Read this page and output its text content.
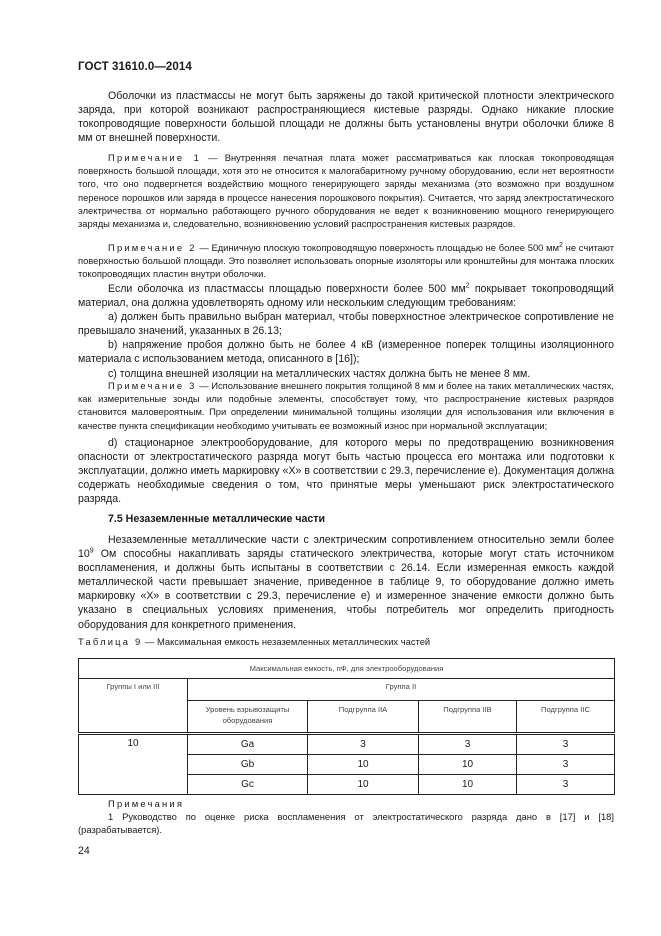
ГОСТ 31610.0—2014

Оболочки из пластмассы не могут быть заряжены до такой критической плотности электрического заряда, при которой возникают распространяющиеся кистевые разряды. Однако никакие плоские токопроводящие поверхности большой площади не должны быть установлены внутри оболочки ближе 8 мм от внешней поверхности.

Примечание 1 — Внутренняя печатная плата может рассматриваться как плоская токопроводящая поверхность большой площади, хотя это не относится к малогабаритному ручному оборудованию, если нет вероятности того, что оно подвергнется воздействию мощного генерирующего заряды механизма (это возможно при воздушном переносе порошков или заряда в процессе нанесения порошкового покрытия). Считается, что заряд электростатического электричества от нормально работающего ручного оборудования не ведет к возникновению мощного генерирующего заряды механизма и, следовательно, возникновению условий распространения кистевых разрядов.

Примечание 2 — Единичную плоскую токопроводящую поверхность площадью не более 500 $мм^2$ не считают поверхностью большой площади. Это позволяет использовать опорные изоляторы или кронштейны для монтажа плоских токопроводящих пластин внутри оболочки.

Если оболочка из пластмассы площадью поверхности более 500 $мм^2$ покрывает токопроводящий материал, она должна удовлетворять одному или нескольким следующим требованиям:

а) должен быть правильно выбран материал, чтобы поверхностное электрическое сопротивление не превышало значений, указанных в 26.13;

b) напряжение пробоя должно быть не более 4 кВ (измеренное поперек толщины изоляционного материала с использованием метода, описанного в [16]);

с) толщина внешней изоляции на металлических частях должна быть не менее 8 мм.

Примечание 3 — Использование внешнего покрытия толщиной 8 мм и более на таких металлических частях, как измерительные зонды или подобные элементы, способствует тому, что распространение кистевых разрядов становится маловероятным. При определении минимальной толщины изоляции для использования или включения в качестве пункта спецификации необходимо учитывать ее возможный износ при нормальной эксплуатации;

d) стационарное электрооборудование, для которого меры по предотвращению возникновения опасности от электростатического разряда могут быть частью процесса его монтажа или подготовки к эксплуатации, должно иметь маркировку «Х» в соответствии с 29.3, перечисление е). Документация должна содержать необходимые сведения о том, что принятые меры уменьшают риск электростатического разряда.

7.5 Незаземленные металлические части

Незаземленные металлические части с электрическим сопротивлением относительно земли более $10^9$ Ом способны накапливать заряды статического электричества, которые могут стать источником воспламенения, и должны быть испытаны в соответствии с 26.14. Если измеренная емкость каждой металлической части превышает значение, приведенное в таблице 9, то оборудование должно иметь маркировку «Х» в соответствии с 29.3, перечисление е) и измеренное значение емкости должно быть указано в специальных условиях применения, чтобы потребитель мог определить пригодность оборудования для конкретного применения.

Таблица 9 — Максимальная емкость незаземленных металлических частей
Максимальная емкость, пФ, для электрооборудования				
Группы I или III	Группа II			
	Уровень взрывозащиты оборудования	Подгруппа IIA	Подгруппа IIB	Подгруппа IIC
10	Ga	3	3	3
	Gb	10	10	3
	Gc	10	10	3

Примечания

1 Руководство по оценке риска воспламенения от электростатического разряда дано в [17] и [18] (разрабатывается).

24
